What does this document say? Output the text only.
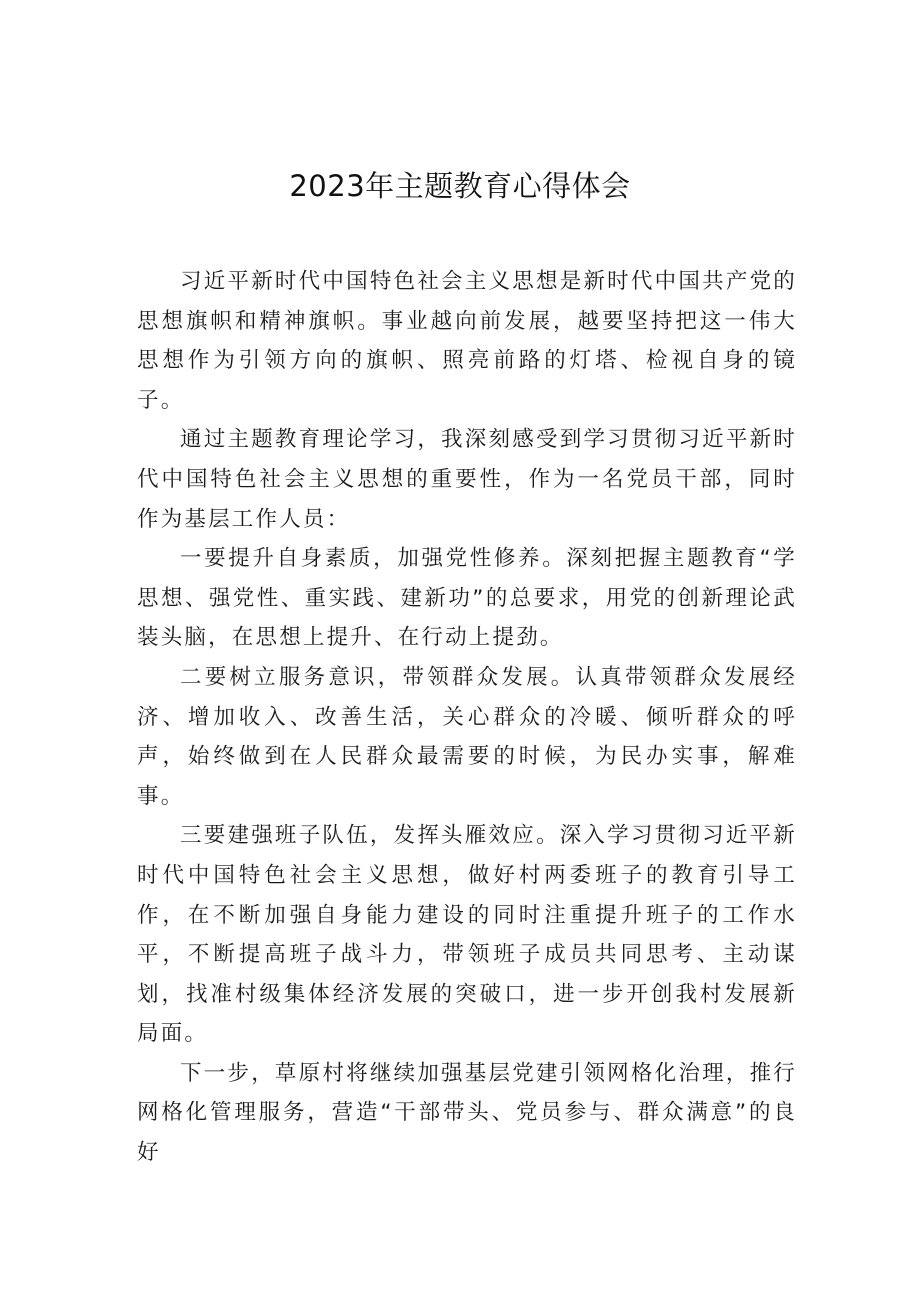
2023年主题教育心得体会

习近平新时代中国特色社会主义思想是新时代中国共产党的思想旗帜和精神旗帜。事业越向前发展，越要坚持把这一伟大思想作为引领方向的旗帜、照亮前路的灯塔、检视自身的镜子。

通过主题教育理论学习，我深刻感受到学习贯彻习近平新时代中国特色社会主义思想的重要性，作为一名党员干部，同时作为基层工作人员：

一要提升自身素质，加强党性修养。深刻把握主题教育“学思想、强党性、重实践、建新功”的总要求，用党的创新理论武装头脑，在思想上提升、在行动上提劲。

二要树立服务意识，带领群众发展。认真带领群众发展经济、增加收入、改善生活，关心群众的冷暖、倾听群众的呼声，始终做到在人民群众最需要的时候，为民办实事，解难事。

三要建强班子队伍，发挥头雁效应。深入学习贯彻习近平新时代中国特色社会主义思想，做好村两委班子的教育引导工作，在不断加强自身能力建设的同时注重提升班子的工作水平，不断提高班子战斗力，带领班子成员共同思考、主动谋划，找准村级集体经济发展的突破口，进一步开创我村发展新局面。

下一步，草原村将继续加强基层党建引领网格化治理，推行网格化管理服务，营造“干部带头、党员参与、群众满意”的良好
